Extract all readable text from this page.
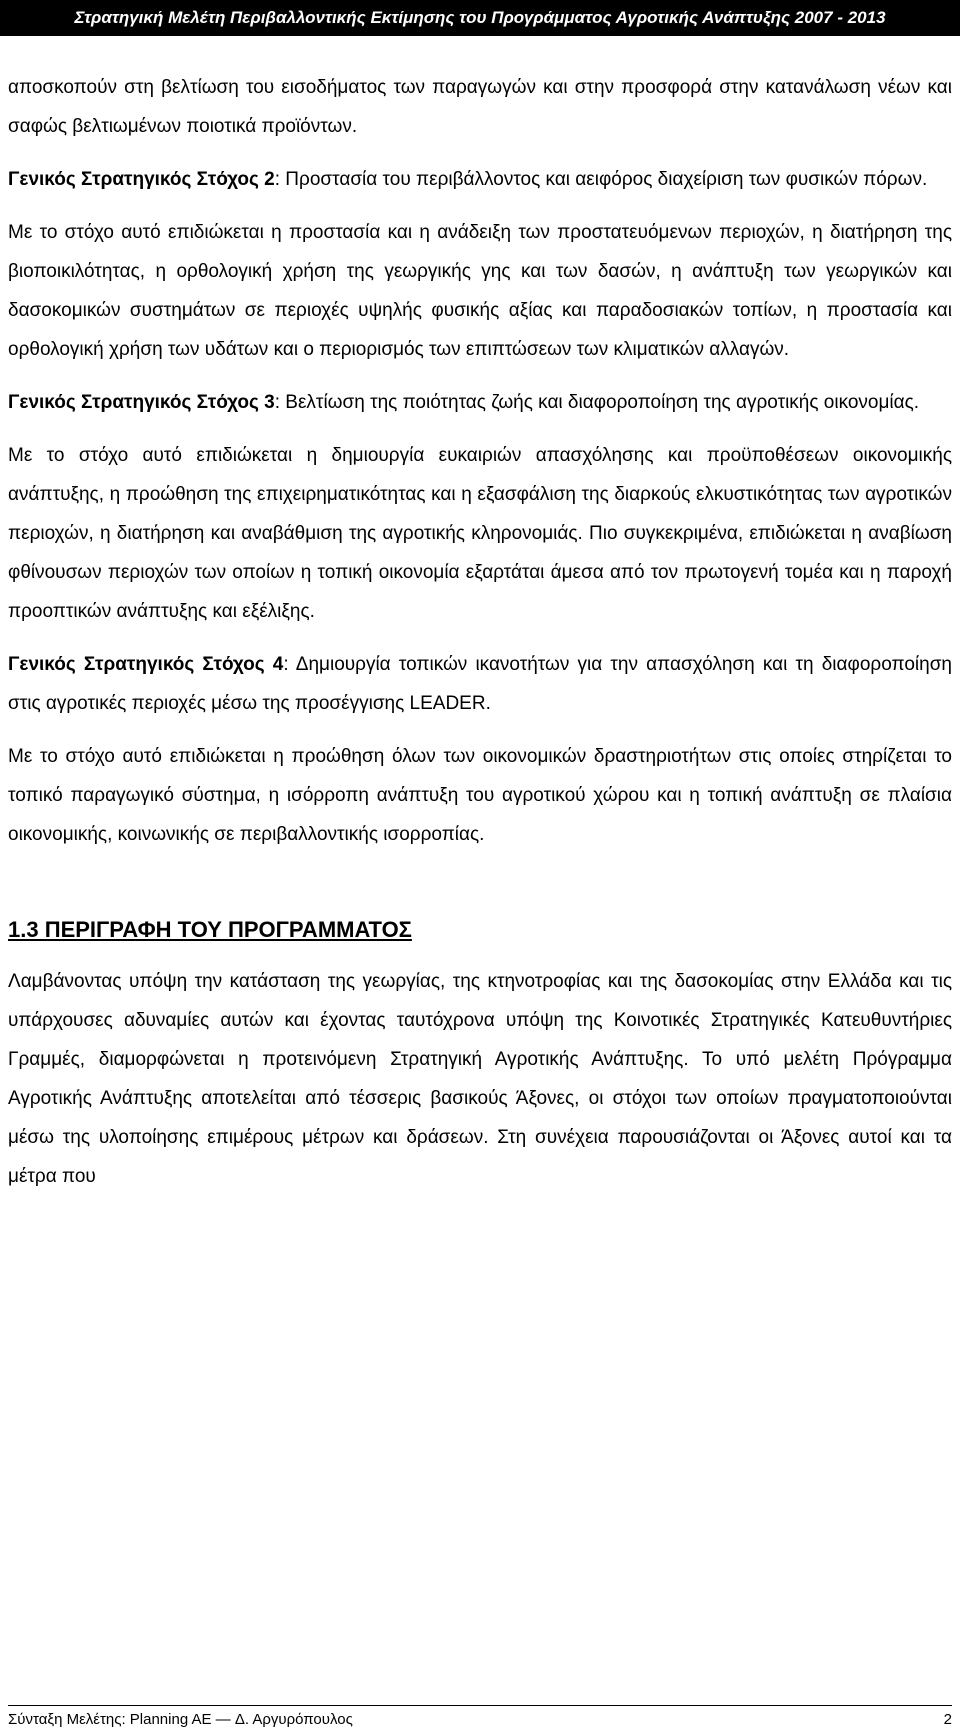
Στρατηγική Μελέτη Περιβαλλοντικής Εκτίμησης του Προγράμματος Αγροτικής Ανάπτυξης 2007 - 2013

αποσκοπούν στη βελτίωση του εισοδήματος των παραγωγών και στην προσφορά στην κατανάλωση νέων και σαφώς βελτιωμένων ποιοτικά προϊόντων.

Γενικός Στρατηγικός Στόχος 2: Προστασία του περιβάλλοντος και αειφόρος διαχείριση των φυσικών πόρων.

Με το στόχο αυτό επιδιώκεται η προστασία και η ανάδειξη των προστατευόμενων περιοχών, η διατήρηση της βιοποικιλότητας, η ορθολογική χρήση της γεωργικής γης και των δασών, η ανάπτυξη των γεωργικών και δασοκομικών συστημάτων σε περιοχές υψηλής φυσικής αξίας και παραδοσιακών τοπίων, η προστασία και ορθολογική χρήση των υδάτων και ο περιορισμός των επιπτώσεων των κλιματικών αλλαγών.

Γενικός Στρατηγικός Στόχος 3: Βελτίωση της ποιότητας ζωής και διαφοροποίηση της αγροτικής οικονομίας.

Με το στόχο αυτό επιδιώκεται η δημιουργία ευκαιριών απασχόλησης και προϋποθέσεων οικονομικής ανάπτυξης, η προώθηση της επιχειρηματικότητας και η εξασφάλιση της διαρκούς ελκυστικότητας των αγροτικών περιοχών, η διατήρηση και αναβάθμιση της αγροτικής κληρονομιάς. Πιο συγκεκριμένα, επιδιώκεται η αναβίωση φθίνουσων περιοχών των οποίων η τοπική οικονομία εξαρτάται άμεσα από τον πρωτογενή τομέα και η παροχή προοπτικών ανάπτυξης και εξέλιξης.

Γενικός Στρατηγικός Στόχος 4: Δημιουργία τοπικών ικανοτήτων για την απασχόληση και τη διαφοροποίηση στις αγροτικές περιοχές μέσω της προσέγγισης LEADER.

Με το στόχο αυτό επιδιώκεται η προώθηση όλων των οικονομικών δραστηριοτήτων στις οποίες στηρίζεται το τοπικό παραγωγικό σύστημα, η ισόρροπη ανάπτυξη του αγροτικού χώρου και η τοπική ανάπτυξη σε πλαίσια οικονομικής, κοινωνικής σε περιβαλλοντικής ισορροπίας.

1.3 ΠΕΡΙΓΡΑΦΗ ΤΟΥ ΠΡΟΓΡΑΜΜΑΤΟΣ

Λαμβάνοντας υπόψη την κατάσταση της γεωργίας, της κτηνοτροφίας και της δασοκομίας στην Ελλάδα και τις υπάρχουσες αδυναμίες αυτών και έχοντας ταυτόχρονα υπόψη της Κοινοτικές Στρατηγικές Κατευθυντήριες Γραμμές, διαμορφώνεται η προτεινόμενη Στρατηγική Αγροτικής Ανάπτυξης. Το υπό μελέτη Πρόγραμμα Αγροτικής Ανάπτυξης αποτελείται από τέσσερις βασικούς Άξονες, οι στόχοι των οποίων πραγματοποιούνται μέσω της υλοποίησης επιμέρους μέτρων και δράσεων. Στη συνέχεια παρουσιάζονται οι Άξονες αυτοί και τα μέτρα που

Σύνταξη Μελέτης: Planning AE — Δ. Αργυρόπουλος	2
